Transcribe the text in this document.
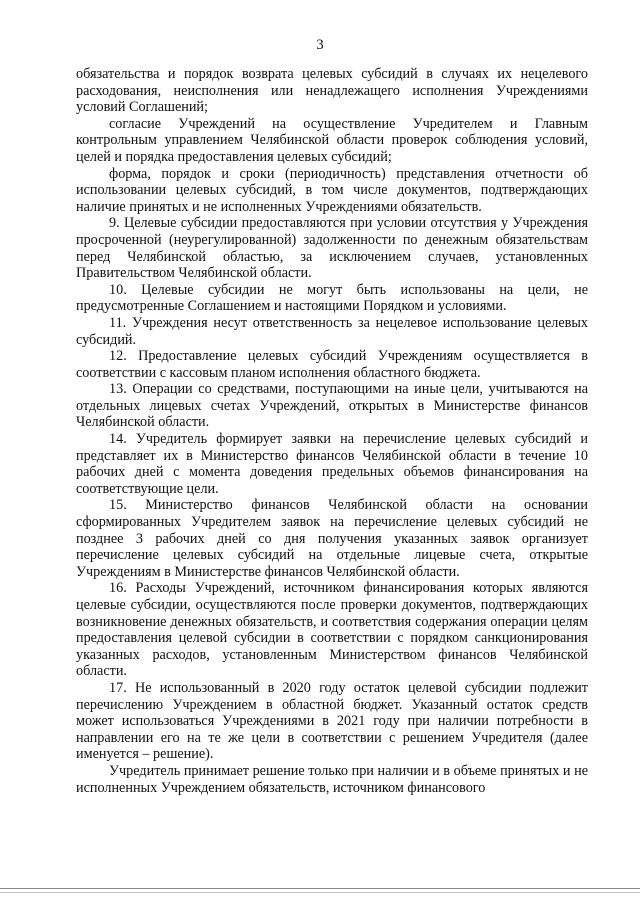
3

обязательства и порядок возврата целевых субсидий в случаях их нецелевого расходования, неисполнения или ненадлежащего исполнения Учреждениями условий Соглашений;

согласие Учреждений на осуществление Учредителем и Главным контрольным управлением Челябинской области проверок соблюдения условий, целей и порядка предоставления целевых субсидий;

форма, порядок и сроки (периодичность) представления отчетности об использовании целевых субсидий, в том числе документов, подтверждающих наличие принятых и не исполненных Учреждениями обязательств.

9. Целевые субсидии предоставляются при условии отсутствия у Учреждения просроченной (неурегулированной) задолженности по денежным обязательствам перед Челябинской областью, за исключением случаев, установленных Правительством Челябинской области.

10. Целевые субсидии не могут быть использованы на цели, не предусмотренные Соглашением и настоящими Порядком и условиями.

11. Учреждения несут ответственность за нецелевое использование целевых субсидий.

12. Предоставление целевых субсидий Учреждениям осуществляется в соответствии с кассовым планом исполнения областного бюджета.

13. Операции со средствами, поступающими на иные цели, учитываются на отдельных лицевых счетах Учреждений, открытых в Министерстве финансов Челябинской области.

14. Учредитель формирует заявки на перечисление целевых субсидий и представляет их в Министерство финансов Челябинской области в течение 10 рабочих дней с момента доведения предельных объемов финансирования на соответствующие цели.

15. Министерство финансов Челябинской области на основании сформированных Учредителем заявок на перечисление целевых субсидий не позднее 3 рабочих дней со дня получения указанных заявок организует перечисление целевых субсидий на отдельные лицевые счета, открытые Учреждениям в Министерстве финансов Челябинской области.

16. Расходы Учреждений, источником финансирования которых являются целевые субсидии, осуществляются после проверки документов, подтверждающих возникновение денежных обязательств, и соответствия содержания операции целям предоставления целевой субсидии в соответствии с порядком санкционирования указанных расходов, установленным Министерством финансов Челябинской области.

17. Не использованный в 2020 году остаток целевой субсидии подлежит перечислению Учреждением в областной бюджет. Указанный остаток средств может использоваться Учреждениями в 2021 году при наличии потребности в направлении его на те же цели в соответствии с решением Учредителя (далее именуется – решение).

Учредитель принимает решение только при наличии и в объеме принятых и не исполненных Учреждением обязательств, источником финансового
